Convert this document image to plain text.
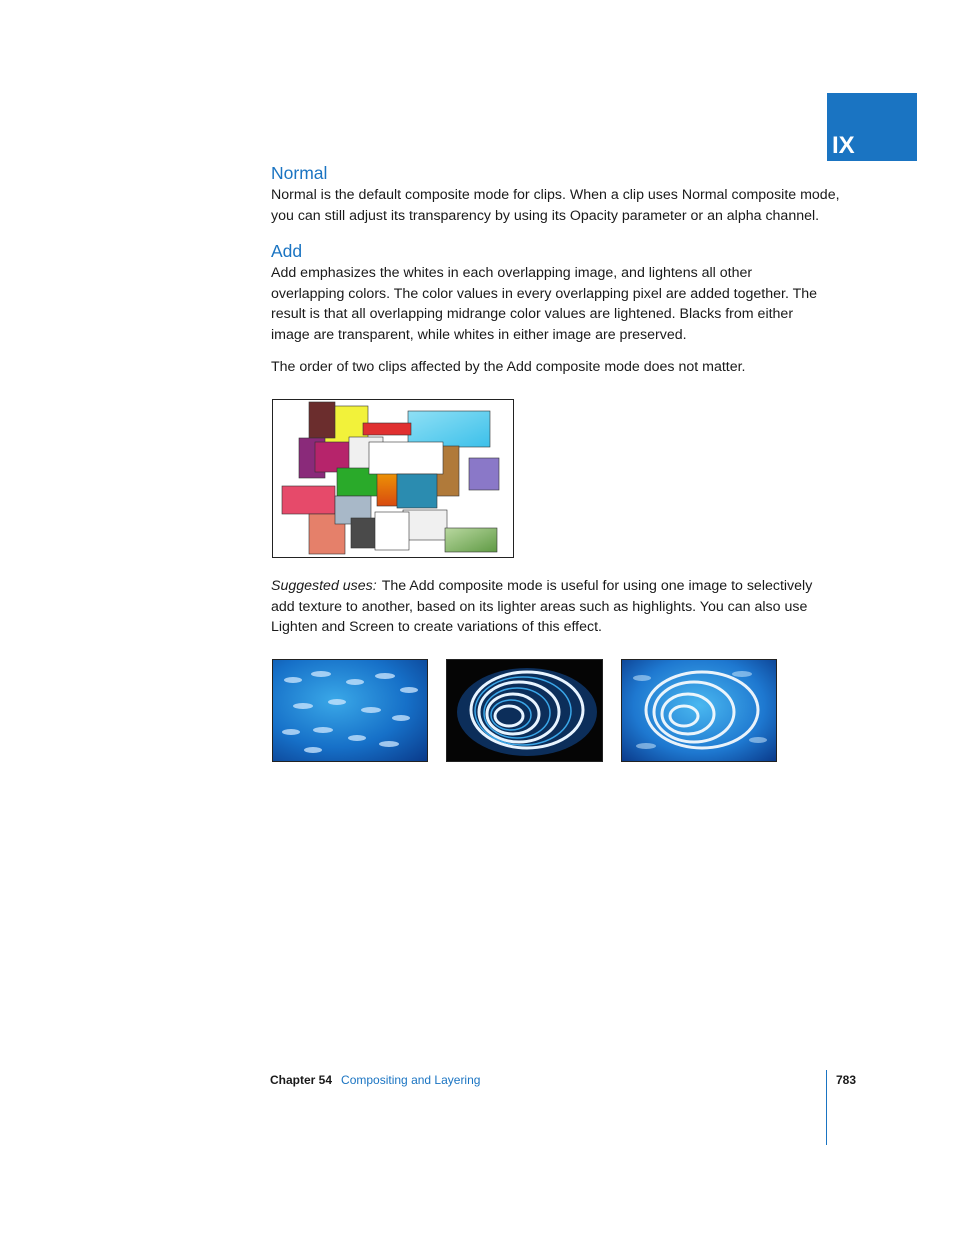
IX
Normal

Normal is the default composite mode for clips. When a clip uses Normal composite mode,
you can still adjust its transparency by using its Opacity parameter or an alpha channel.

Add

Add emphasizes the whites in each overlapping image, and lightens all other
overlapping colors. The color values in every overlapping pixel are added together. The
result is that all overlapping midrange color values are lightened. Blacks from either
image are transparent, while whites in either image are preserved.

The order of two clips affected by the Add composite mode does not matter.

Suggested uses: The Add composite mode is useful for using one image to selectively
add texture to another, based on its lighter areas such as highlights. You can also use
Lighten and Screen to create variations of this effect.

Chapter 54 Compositing and Layering	783
